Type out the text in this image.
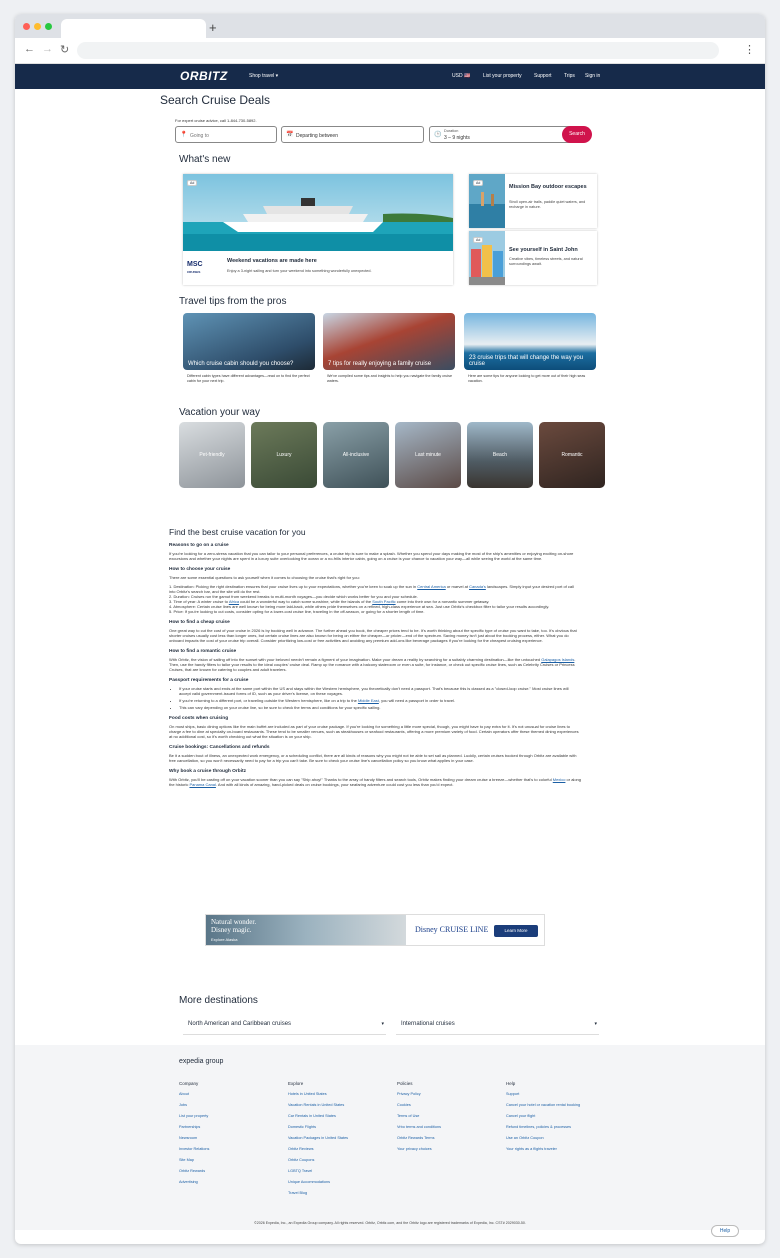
+
← → ↻	⋮
ORBITZ	Shop travel ▾	USD 🇺🇸	List your property Support Trips Sign in
Search Cruise Deals
For expert cruise advice, call 1-844-730-5892.
📍 Going to	📅 Departing between	🕒
Duration
3 – 9 nights
Search
What's new
Ad
MSC
CRUISES
Weekend vacations are made here
Enjoy a 3-night sailing and turn your weekend into something wonderfully unexpected.
Ad
Mission Bay outdoor escapes
Stroll open-air trails, paddle quiet waters, and recharge in nature.
Ad
See yourself in Saint John
Creative vibes, timeless streets, and natural surroundings await.
Travel tips from the pros
Which cruise cabin should you choose?	7 tips for really enjoying a family cruise
23 cruise trips that will change the way you cruise
Different cabin types have different advantages—read on to find the perfect cabin for your next trip.
We've compiled some tips and insights to help you navigate the family cruise waters.
Here are some tips for anyone looking to get more out of their high seas vacation.
Vacation your way
Pet-friendly	Luxury	All-inclusive	Last minute	Beach	Romantic
Find the best cruise vacation for you
Reasons to go on a cruise

If you're looking for a zero-stress vacation that you can tailor to your personal preferences, a cruise trip is sure to make a splash. Whether you spend your days making the most of the ship's amenities or enjoying exciting on-shore excursions and whether your nights are spent in a luxury suite overlooking the ocean or a no-frills interior cabin, going on a cruise is your chance to vacation your way—all while seeing the world at the same time.

How to choose your cruise

There are some essential questions to ask yourself when it comes to choosing the cruise that's right for you:

1. Destination: Picking the right destination ensures that your cruise lives up to your expectations, whether you're keen to soak up the sun in Central America or marvel at Canada's landscapes. Simply input your desired port of call into Orbitz's search bar, and the site will do the rest.

2. Duration: Cruises run the gamut from weekend breaks to multi-month voyages—you decide which works better for you and your schedule.

3. Time of year: A winter cruise to Africa could be a wonderful way to catch some sunshine, while the islands of the South Pacific come into their own for a romantic summer getaway.

4. Atmosphere: Certain cruise lines are well known for being more laid-back, while others pride themselves on a refined, high-class experience at sea. Just use Orbitz's checkbox filter to tailor your results accordingly.

5. Price: If you're looking to cut costs, consider opting for a lower-cost cruise line, traveling in the off-season, or going for a shorter length of time.

How to find a cheap cruise

One great way to cut the cost of your cruise in 2026 is by booking well in advance. The further ahead you book, the cheaper prices tend to be. It's worth thinking about the specific type of cruise you want to take, too. It's obvious that shorter cruises usually cost less than longer ones, but certain cruise lines are also known for being on either the cheaper—or pricier—end of the spectrum. Saving money isn't just about the booking process, either. What you do onboard impacts the cost of your cruise trip overall. Consider prioritizing low-cost or free activities and avoiding any premium add-ons like beverage packages if you're looking for the cheapest cruising experience.

How to find a romantic cruise

With Orbitz, the vision of sailing off into the sunset with your beloved needn't remain a figment of your imagination. Make your dream a reality by searching for a suitably charming destination—like the untouched Galapagos Islands. Then, use the handy filters to tailor your results to the ideal couples' cruise deal. Ramp up the romance with a balcony stateroom or even a suite, for instance, or check out specific cruise lines, such as Celebrity Cruises or Princess Cruises, that are known for catering to couples and adult travelers.

Passport requirements for a cruise
• If your cruise starts and ends at the same port within the US and stays within the Western hemisphere, you theoretically don't need a passport. That's because this is classed as a "closed-loop cruise." Most cruise lines will accept valid government-issued forms of ID, such as your driver's license, on these voyages.
• If you're returning to a different port, or traveling outside the Western hemisphere, like on a trip to the Middle East, you will need a passport in order to travel.
• This can vary depending on your cruise line, so be sure to check the terms and conditions for your specific sailing.
Food costs when cruising

On most ships, basic dining options like the main buffet are included as part of your cruise package. If you're looking for something a little more special, though, you might have to pay extra for it. It's not unusual for cruise lines to charge a fee to dine at specialty on-board restaurants. These tend to be smaller venues, such as steakhouses or seafood restaurants, offering a more premium variety of food. Certain operators offer these themed dining experiences at no additional cost, so it's worth checking out what the situation is on your ship.

Cruise bookings: Cancellations and refunds

Be it a sudden bout of illness, an unexpected work emergency, or a scheduling conflict, there are all kinds of reasons why you might not be able to set sail as planned. Luckily, certain cruises booked through Orbitz are available with free cancellation, so you won't necessarily need to pay for a trip you can't take. Be sure to check your cruise line's cancellation policy so you know what applies in your case.

Why book a cruise through Orbitz

With Orbitz, you'll be casting off on your vacation sooner than you can say "Ship ahoy!" Thanks to the array of handy filters and search tools, Orbitz makes finding your dream cruise a breeze—whether that's to colorful Mexico or along the historic Panama Canal. And with all kinds of amazing, hand-picked deals on cruise bookings, your seafaring adventure could cost you less than you'd expect.

Natural wonder.
Disney magic.
Explore Alaska
Disney CRUISE LINE	Learn More
More destinations
North American and Caribbean cruises	▾	International cruises	▾
expedia group
Company
About
Jobs
List your property
Partnerships
Newsroom
Investor Relations
Site Map
Orbitz Rewards
Advertising
Explore
Hotels in United States
Vacation Rentals in United States
Car Rentals in United States
Domestic Flights
Vacation Packages in United States
Orbitz Reviews
Orbitz Coupons
LGBTQ Travel
Unique Accommodations
Travel Blog
Policies
Privacy Policy
Cookies
Terms of Use
Vrbo terms and conditions
Orbitz Rewards Terms
Your privacy choices
Help
Support
Cancel your hotel or vacation rental booking
Cancel your flight
Refund timelines, policies & processes
Use an Orbitz Coupon
Your rights as a flights traveler
©2026 Expedia, Inc., an Expedia Group company. All rights reserved. Orbitz, Orbitz.com, and the Orbitz logo are registered trademarks of Expedia, Inc. CST# 2029030-50.
Help
